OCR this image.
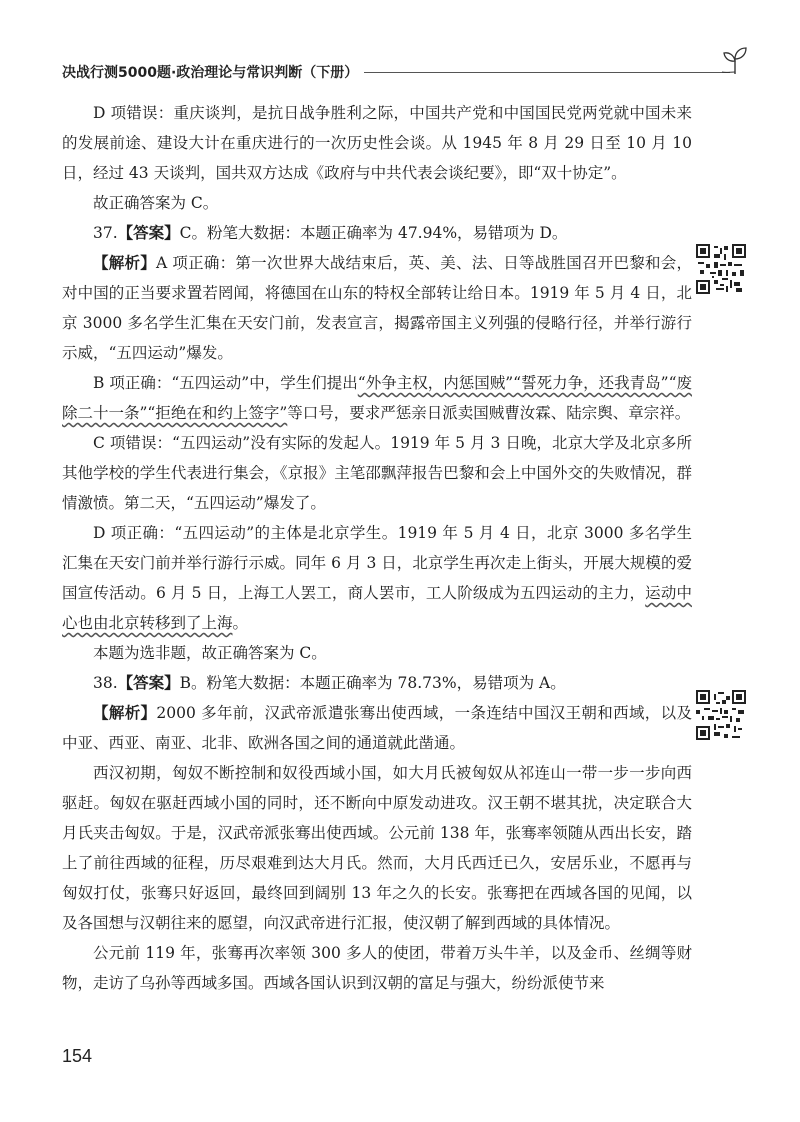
决战行测5000题·政治理论与常识判断（下册）

D 项错误：重庆谈判，是抗日战争胜利之际，中国共产党和中国国民党两党就中国未来的发展前途、建设大计在重庆进行的一次历史性会谈。从 1945 年 8 月 29 日至 10 月 10 日，经过 43 天谈判，国共双方达成《政府与中共代表会谈纪要》，即“双十协定”。

故正确答案为 C。

37.【答案】C。粉笔大数据：本题正确率为 47.94%，易错项为 D。

【解析】A 项正确：第一次世界大战结束后，英、美、法、日等战胜国召开巴黎和会，对中国的正当要求置若罔闻，将德国在山东的特权全部转让给日本。1919 年 5 月 4 日，北京 3000 多名学生汇集在天安门前，发表宣言，揭露帝国主义列强的侵略行径，并举行游行示威，“五四运动”爆发。

B 项正确：“五四运动”中，学生们提出“外争主权，内惩国贼”“誓死力争，还我青岛”“废除二十一条”“拒绝在和约上签字”等口号，要求严惩亲日派卖国贼曹汝霖、陆宗舆、章宗祥。

C 项错误：“五四运动”没有实际的发起人。1919 年 5 月 3 日晚，北京大学及北京多所其他学校的学生代表进行集会，《京报》主笔邵飘萍报告巴黎和会上中国外交的失败情况，群情激愤。第二天，“五四运动”爆发了。

D 项正确：“五四运动”的主体是北京学生。1919 年 5 月 4 日，北京 3000 多名学生汇集在天安门前并举行游行示威。同年 6 月 3 日，北京学生再次走上街头，开展大规模的爱国宣传活动。6 月 5 日，上海工人罢工，商人罢市，工人阶级成为五四运动的主力，运动中心也由北京转移到了上海。

本题为选非题，故正确答案为 C。

38.【答案】B。粉笔大数据：本题正确率为 78.73%，易错项为 A。

【解析】2000 多年前，汉武帝派遣张骞出使西域，一条连结中国汉王朝和西域，以及中亚、西亚、南亚、北非、欧洲各国之间的通道就此凿通。

西汉初期，匈奴不断控制和奴役西域小国，如大月氏被匈奴从祁连山一带一步一步向西驱赶。匈奴在驱赶西域小国的同时，还不断向中原发动进攻。汉王朝不堪其扰，决定联合大月氏夹击匈奴。于是，汉武帝派张骞出使西域。公元前 138 年，张骞率领随从西出长安，踏上了前往西域的征程，历尽艰难到达大月氏。然而，大月氏西迁已久，安居乐业，不愿再与匈奴打仗，张骞只好返回，最终回到阔别 13 年之久的长安。张骞把在西域各国的见闻，以及各国想与汉朝往来的愿望，向汉武帝进行汇报，使汉朝了解到西域的具体情况。

公元前 119 年，张骞再次率领 300 多人的使团，带着万头牛羊，以及金币、丝绸等财物，走访了乌孙等西域多国。西域各国认识到汉朝的富足与强大，纷纷派使节来

154
